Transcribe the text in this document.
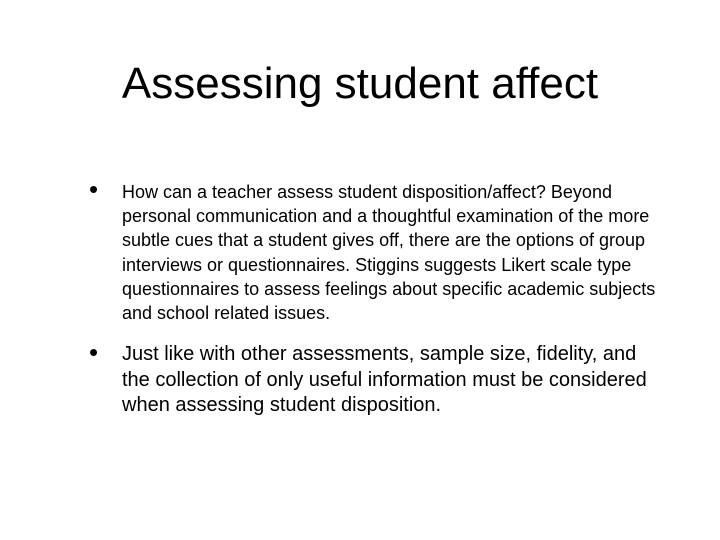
Assessing student affect
• How can a teacher assess student disposition/affect? Beyond personal communication and a thoughtful examination of the more subtle cues that a student gives off, there are the options of group interviews or questionnaires. Stiggins suggests Likert scale type questionnaires to assess feelings about specific academic subjects and school related issues.
• Just like with other assessments, sample size, fidelity, and the collection of only useful information must be considered when assessing student disposition.
